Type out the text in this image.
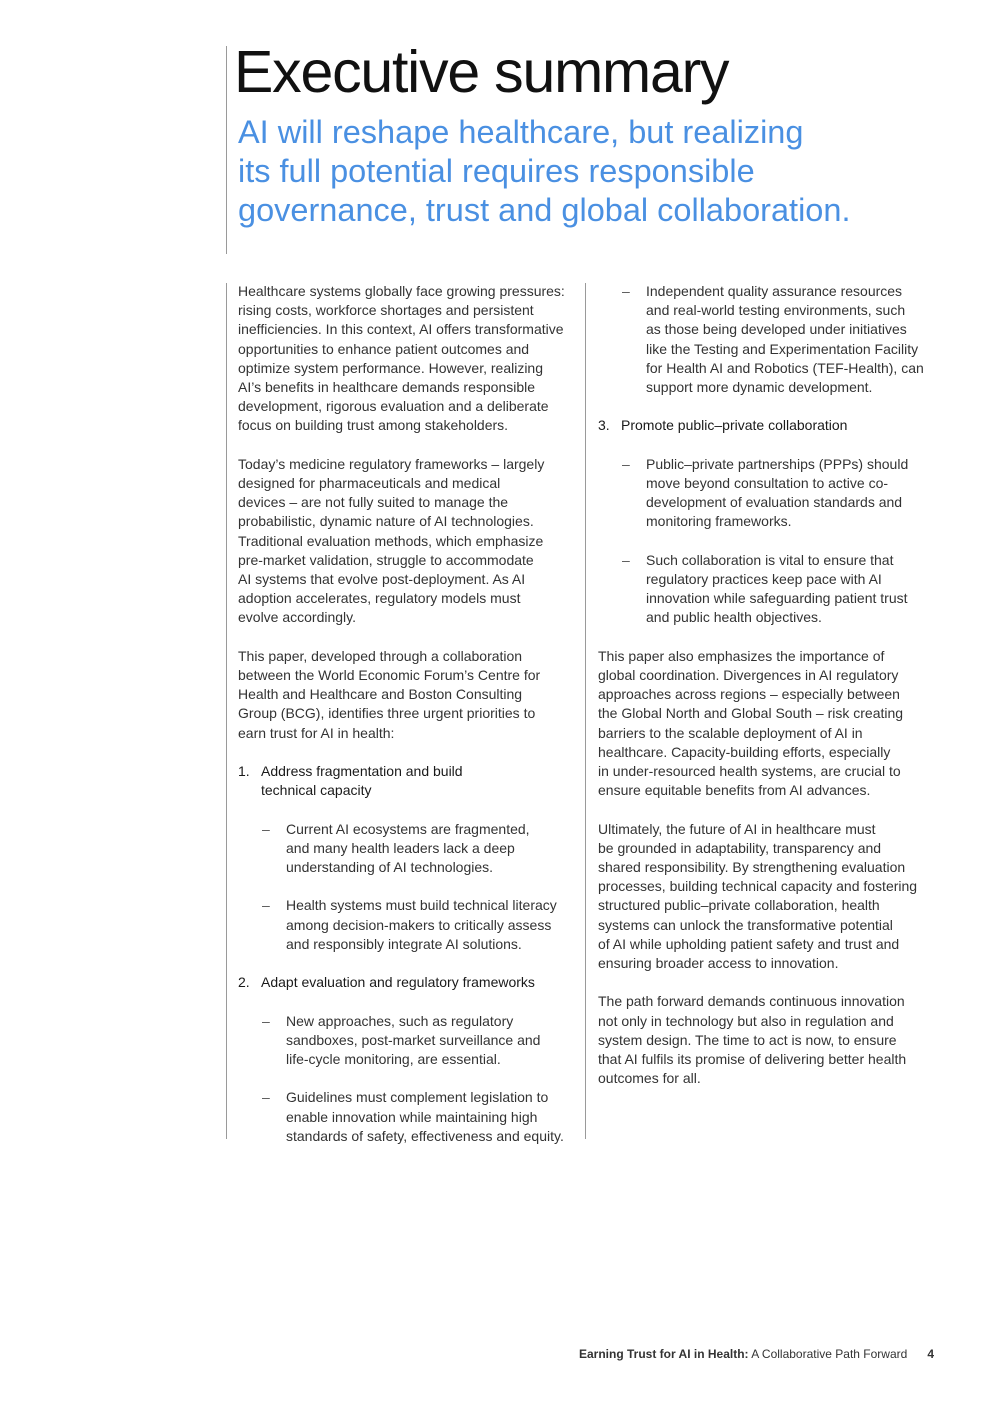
Executive summary
AI will reshape healthcare, but realizing
its full potential requires responsible
governance, trust and global collaboration.

Healthcare systems globally face growing pressures:
rising costs, workforce shortages and persistent
inefficiencies. In this context, AI offers transformative
opportunities to enhance patient outcomes and
optimize system performance. However, realizing
AI’s benefits in healthcare demands responsible
development, rigorous evaluation and a deliberate
focus on building trust among stakeholders.

Today’s medicine regulatory frameworks – largely
designed for pharmaceuticals and medical
devices – are not fully suited to manage the
probabilistic, dynamic nature of AI technologies.
Traditional evaluation methods, which emphasize
pre-market validation, struggle to accommodate
AI systems that evolve post-deployment. As AI
adoption accelerates, regulatory models must
evolve accordingly.

This paper, developed through a collaboration
between the World Economic Forum’s Centre for
Health and Healthcare and Boston Consulting
Group (BCG), identifies three urgent priorities to
earn trust for AI in health:

1. Address fragmentation and build
technical capacity
–	Current AI ecosystems are fragmented,
and many health leaders lack a deep
understanding of AI technologies.
–	Health systems must build technical literacy
among decision-makers to critically assess
and responsibly integrate AI solutions.
2. Adapt evaluation and regulatory frameworks
–	New approaches, such as regulatory
sandboxes, post-market surveillance and
life-cycle monitoring, are essential.
–	Guidelines must complement legislation to
enable innovation while maintaining high
standards of safety, effectiveness and equity.
–	Independent quality assurance resources
and real-world testing environments, such
as those being developed under initiatives
like the Testing and Experimentation Facility
for Health AI and Robotics (TEF-Health), can
support more dynamic development.
3. Promote public–private collaboration
–	Public–private partnerships (PPPs) should
move beyond consultation to active co-
development of evaluation standards and
monitoring frameworks.
–	Such collaboration is vital to ensure that
regulatory practices keep pace with AI
innovation while safeguarding patient trust
and public health objectives.

This paper also emphasizes the importance of
global coordination. Divergences in AI regulatory
approaches across regions – especially between
the Global North and Global South – risk creating
barriers to the scalable deployment of AI in
healthcare. Capacity-building efforts, especially
in under-resourced health systems, are crucial to
ensure equitable benefits from AI advances.

Ultimately, the future of AI in healthcare must
be grounded in adaptability, transparency and
shared responsibility. By strengthening evaluation
processes, building technical capacity and fostering
structured public–private collaboration, health
systems can unlock the transformative potential
of AI while upholding patient safety and trust and
ensuring broader access to innovation.

The path forward demands continuous innovation
not only in technology but also in regulation and
system design. The time to act is now, to ensure
that AI fulfils its promise of delivering better health
outcomes for all.

Earning Trust for AI in Health: A Collaborative Path Forward 4
